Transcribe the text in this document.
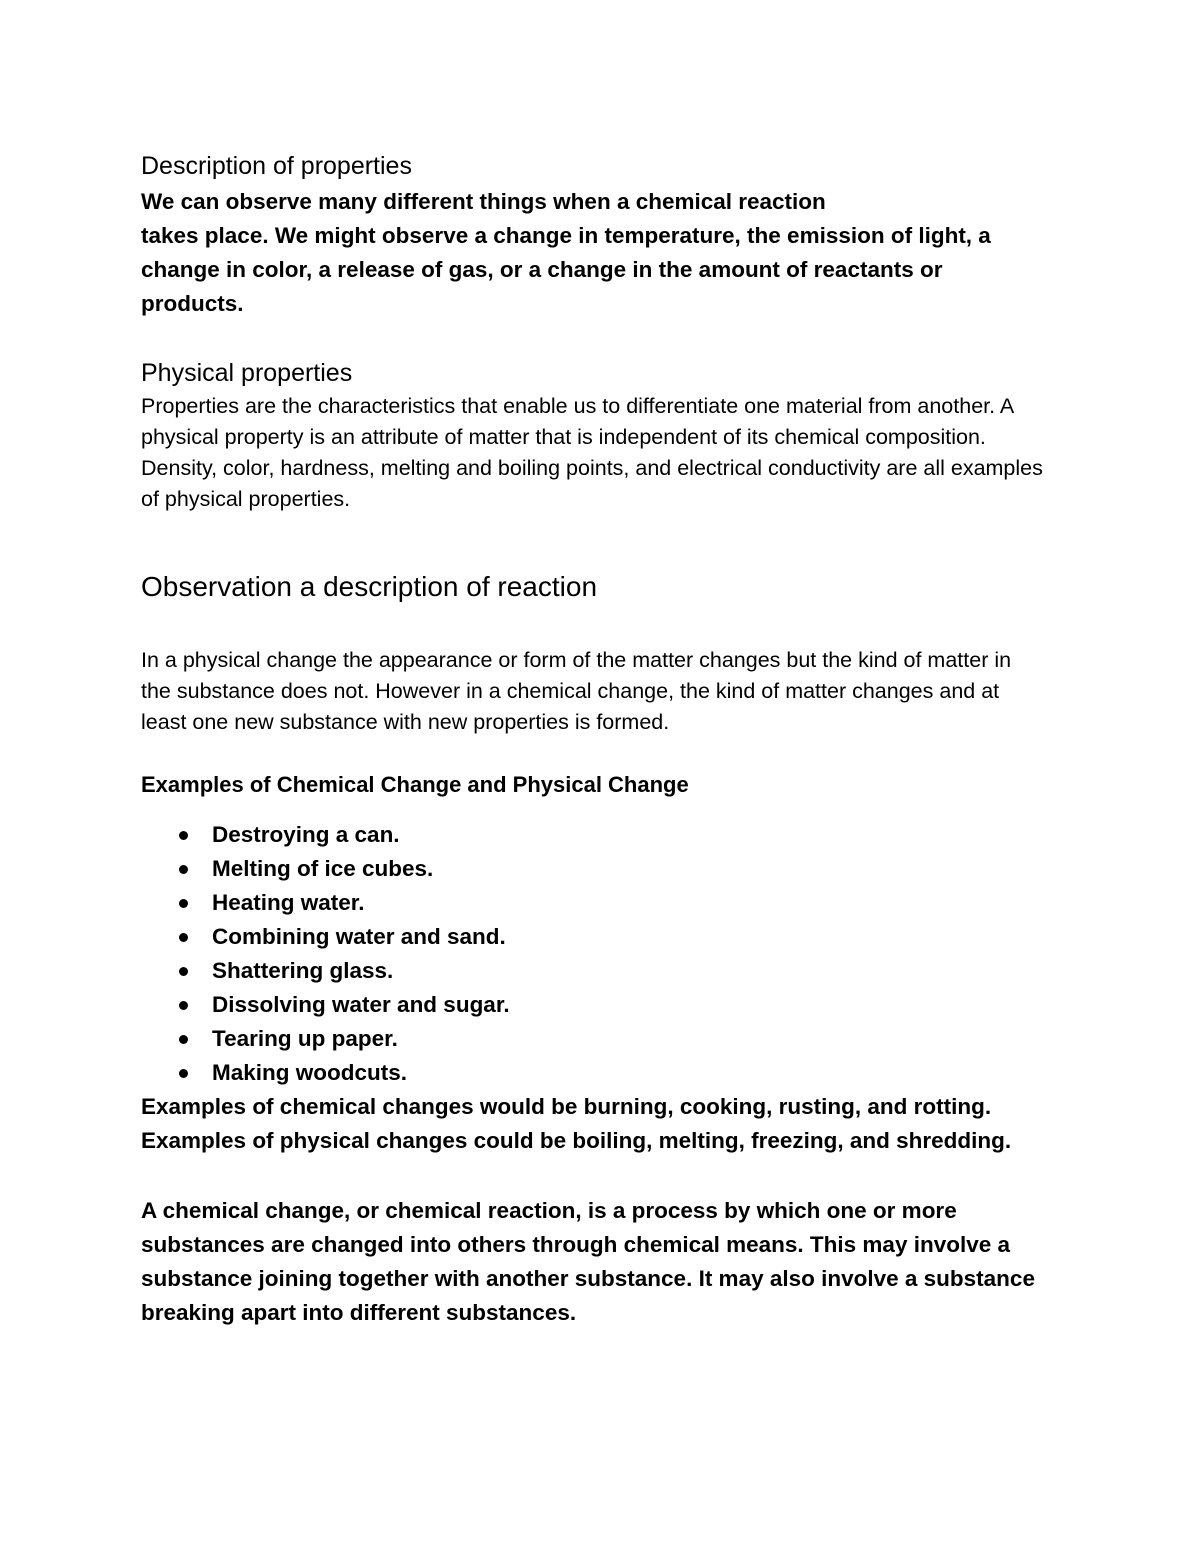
Description of properties

We can observe many different things when a chemical reaction

takes place. We might observe a change in temperature, the emission of light, a change in color, a release of gas, or a change in the amount of reactants or products.

Physical properties

Properties are the characteristics that enable us to differentiate one material from another. A physical property is an attribute of matter that is independent of its chemical composition. Density, color, hardness, melting and boiling points, and electrical conductivity are all examples of physical properties.

Observation a description of reaction

In a physical change the appearance or form of the matter changes but the kind of matter in the substance does not. However in a chemical change, the kind of matter changes and at least one new substance with new properties is formed.

Examples of Chemical Change and Physical Change

Destroying a can.
Melting of ice cubes.
Heating water.
Combining water and sand.
Shattering glass.
Dissolving water and sugar.
Tearing up paper.
Making woodcuts.

Examples of chemical changes would be burning, cooking, rusting, and rotting. Examples of physical changes could be boiling, melting, freezing, and shredding.

A chemical change, or chemical reaction, is a process by which one or more substances are changed into others through chemical means. This may involve a substance joining together with another substance. It may also involve a substance breaking apart into different substances.
